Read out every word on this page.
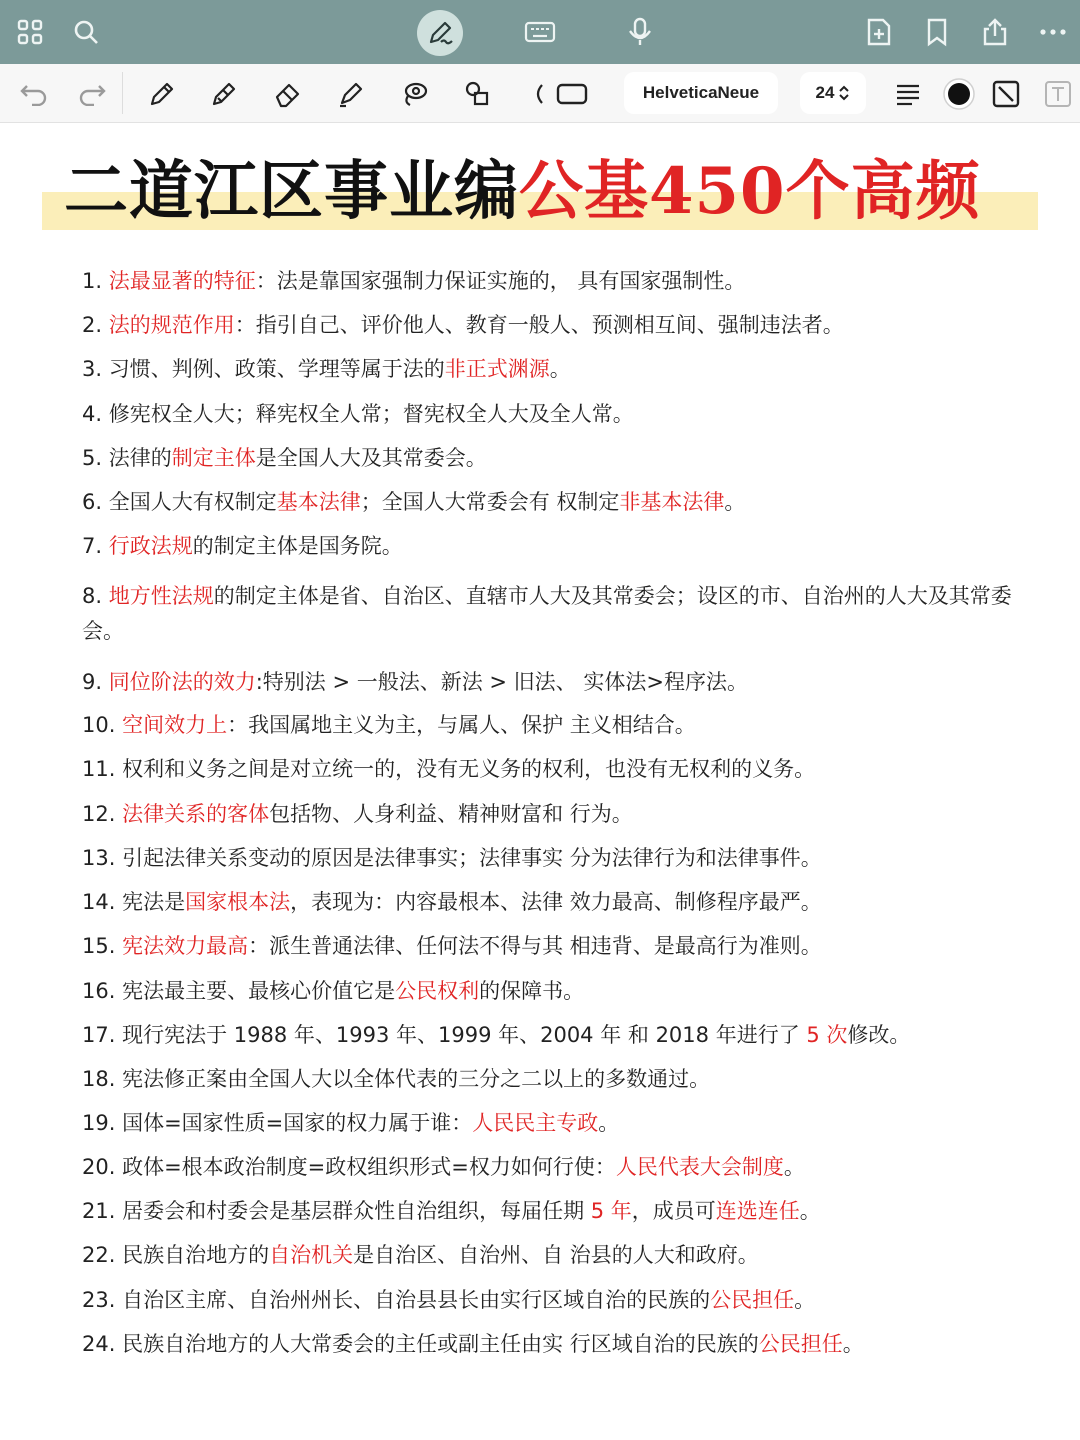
HelveticaNeue	24
二道江区事业编公基450个高频
1. 法最显著的特征：法是靠国家强制力保证实施的， 具有国家强制性。
2. 法的规范作用：指引自己、评价他人、教育一般人、预测相互间、强制违法者。
3. 习惯、判例、政策、学理等属于法的非正式渊源。
4. 修宪权全人大；释宪权全人常；督宪权全人大及全人常。
5. 法律的制定主体是全国人大及其常委会。
6. 全国人大有权制定基本法律；全国人大常委会有 权制定非基本法律。
7. 行政法规的制定主体是国务院。
8. 地方性法规的制定主体是省、自治区、直辖市人大及其常委会；设区的市、自治州的人大及其常委会。
9. 同位阶法的效力:特别法 > 一般法、新法 > 旧法、 实体法>程序法。
10. 空间效力上：我国属地主义为主，与属人、保护 主义相结合。
11. 权利和义务之间是对立统一的，没有无义务的权利，也没有无权利的义务。
12. 法律关系的客体包括物、人身利益、精神财富和 行为。
13. 引起法律关系变动的原因是法律事实；法律事实 分为法律行为和法律事件。
14. 宪法是国家根本法，表现为：内容最根本、法律 效力最高、制修程序最严。
15. 宪法效力最高：派生普通法律、任何法不得与其 相违背、是最高行为准则。
16. 宪法最主要、最核心价值它是公民权利的保障书。
17. 现行宪法于 1988 年、1993 年、1999 年、2004 年 和 2018 年进行了 5 次修改。
18. 宪法修正案由全国人大以全体代表的三分之二以上的多数通过。
19. 国体=国家性质=国家的权力属于谁：人民民主专政。
20. 政体=根本政治制度=政权组织形式=权力如何行使：人民代表大会制度。
21. 居委会和村委会是基层群众性自治组织，每届任期 5 年，成员可连选连任。
22. 民族自治地方的自治机关是自治区、自治州、自 治县的人大和政府。
23. 自治区主席、自治州州长、自治县县长由实行区域自治的民族的公民担任。
24. 民族自治地方的人大常委会的主任或副主任由实 行区域自治的民族的公民担任。
